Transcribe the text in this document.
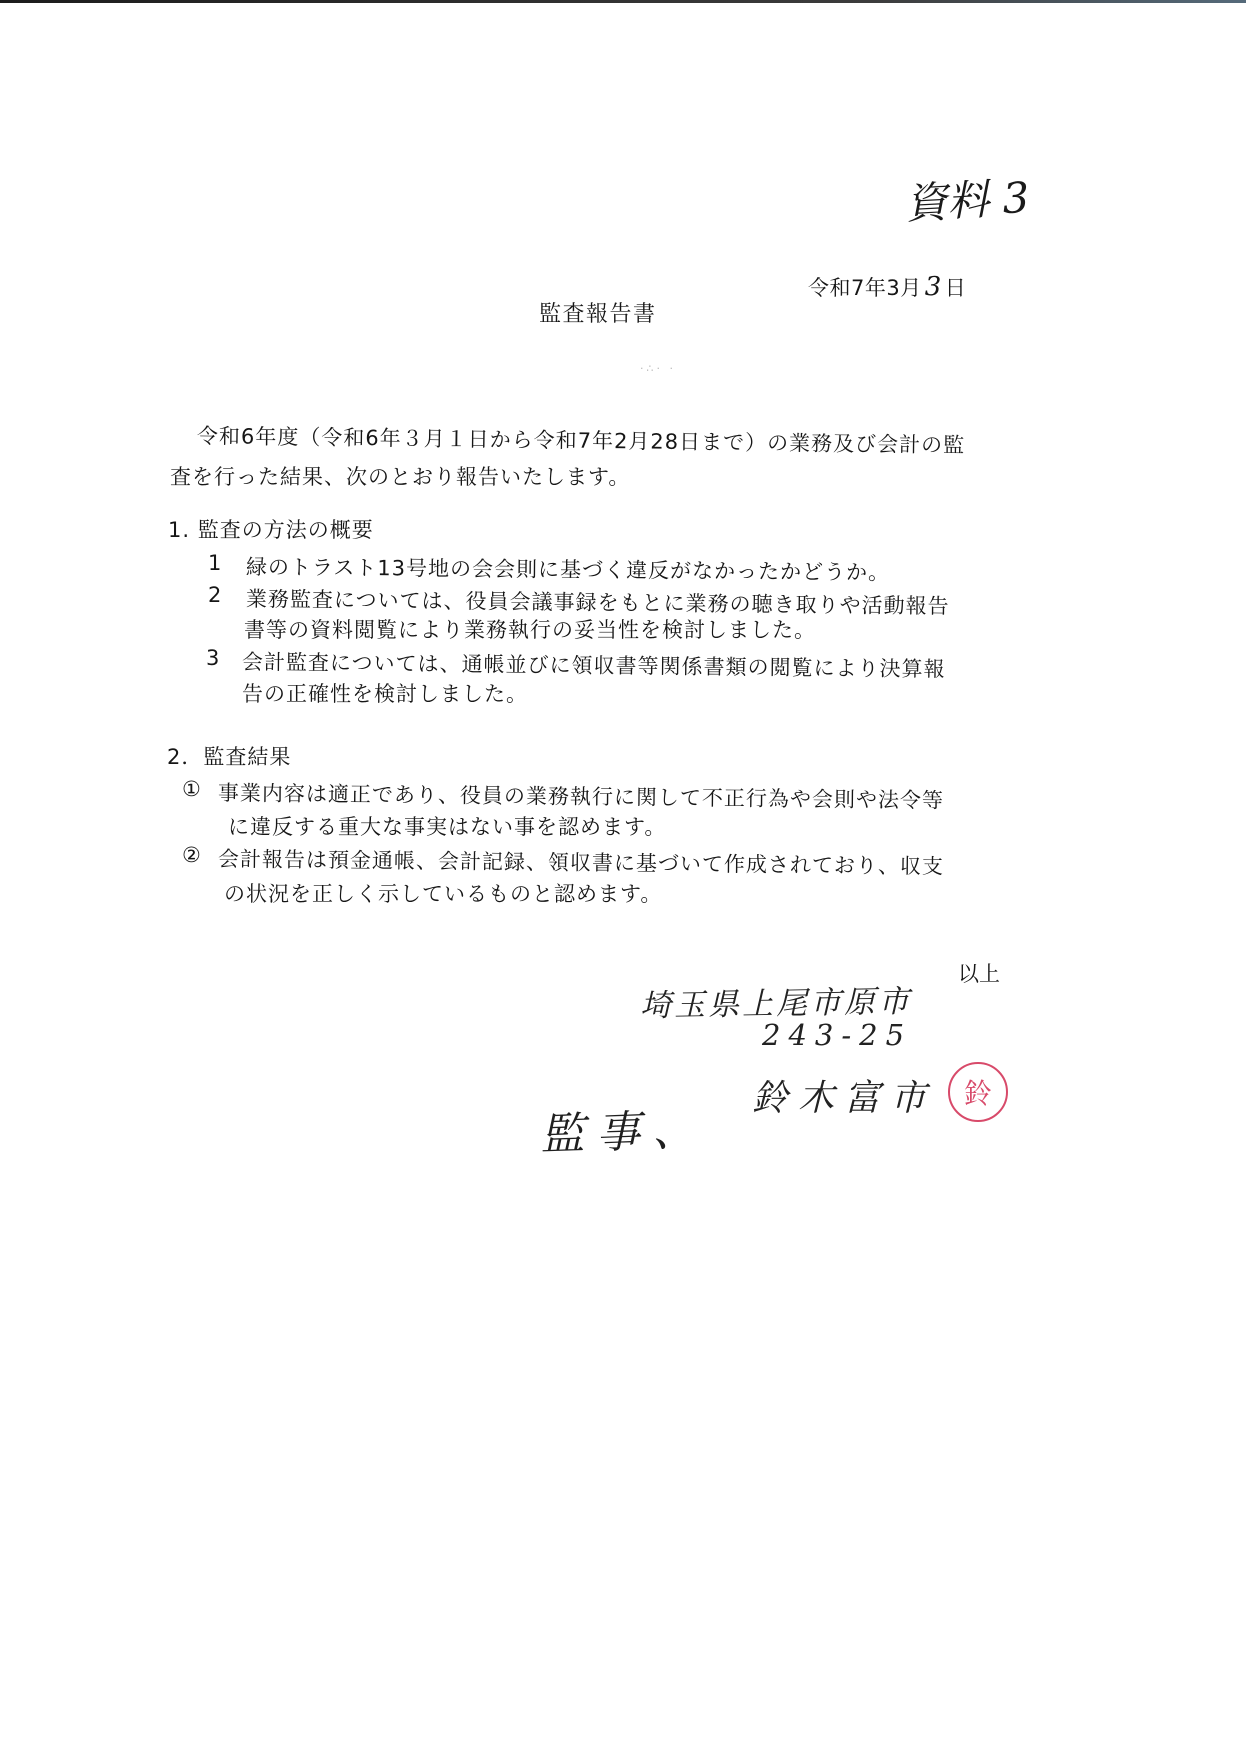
資料 3
令和7年3月 3 日
監査報告書
·∴· ·
令和6年度（令和6年３月１日から令和7年2月28日まで）の業務及び会計の監
査を行った結果、次のとおり報告いたします。
1. 監査の方法の概要
1 緑のトラスト13号地の会会則に基づく違反がなかったかどうか。
2 業務監査については、役員会議事録をもとに業務の聴き取りや活動報告
書等の資料閲覧により業務執行の妥当性を検討しました。
3 会計監査については、通帳並びに領収書等関係書類の閲覧により決算報
告の正確性を検討しました。
2．監査結果
① 事業内容は適正であり、役員の業務執行に関して不正行為や会則や法令等
に違反する重大な事実はない事を認めます。
② 会計報告は預金通帳、会計記録、領収書に基づいて作成されており、収支
の状況を正しく示しているものと認めます。
以上
埼玉県上尾市原市
243-25
監事、
鈴木富市 鈴
